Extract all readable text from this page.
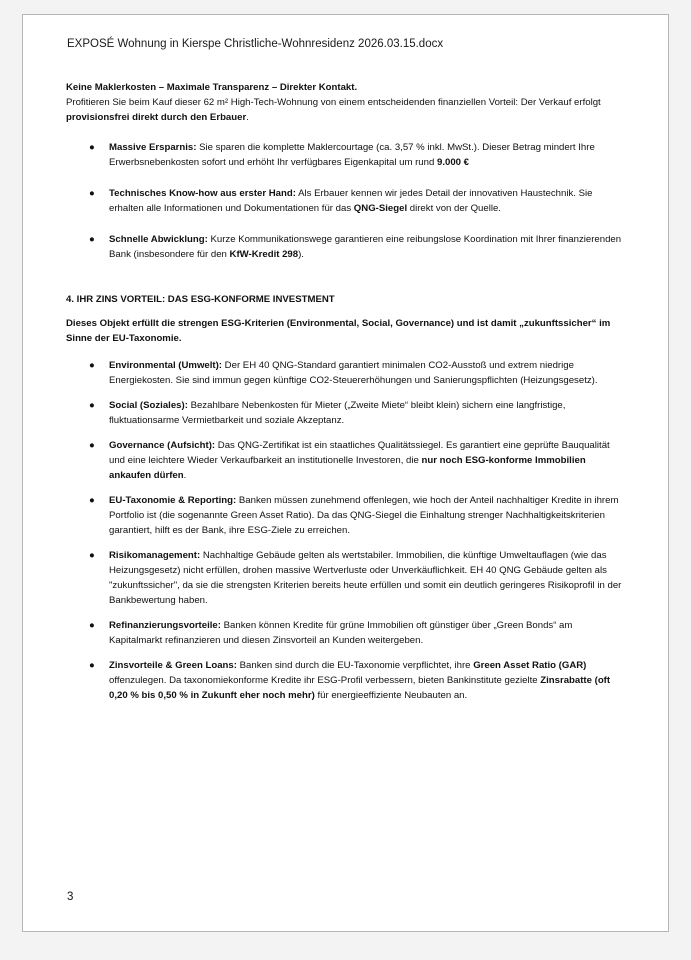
EXPOSÉ Wohnung in Kierspe Christliche-Wohnresidenz 2026.03.15.docx

Keine Maklerkosten – Maximale Transparenz – Direkter Kontakt.

Profitieren Sie beim Kauf dieser 62 m² High-Tech-Wohnung von einem entscheidenden finanziellen Vorteil: Der Verkauf erfolgt provisionsfrei direkt durch den Erbauer.

● Massive Ersparnis: Sie sparen die komplette Maklercourtage (ca. 3,57 % inkl. MwSt.). Dieser Betrag mindert Ihre Erwerbsnebenkosten sofort und erhöht Ihr verfügbares Eigenkapital um rund 9.000 €
● Technisches Know-how aus erster Hand: Als Erbauer kennen wir jedes Detail der innovativen Haustechnik. Sie erhalten alle Informationen und Dokumentationen für das QNG-Siegel direkt von der Quelle.
● Schnelle Abwicklung: Kurze Kommunikationswege garantieren eine reibungslose Koordination mit Ihrer finanzierenden Bank (insbesondere für den KfW-Kredit 298).

4. IHR ZINS VORTEIL: DAS ESG-KONFORME INVESTMENT

Dieses Objekt erfüllt die strengen ESG-Kriterien (Environmental, Social, Governance) und ist damit „zukunftssicher“ im Sinne der EU-Taxonomie.

● Environmental (Umwelt): Der EH 40 QNG-Standard garantiert minimalen CO2-Ausstoß und extrem niedrige Energiekosten. Sie sind immun gegen künftige CO2-Steuererhöhungen und Sanierungspflichten (Heizungsgesetz).
● Social (Soziales): Bezahlbare Nebenkosten für Mieter („Zweite Miete“ bleibt klein) sichern eine langfristige, fluktuationsarme Vermietbarkeit und soziale Akzeptanz.
● Governance (Aufsicht): Das QNG-Zertifikat ist ein staatliches Qualitätssiegel. Es garantiert eine geprüfte Bauqualität und eine leichtere Wieder Verkaufbarkeit an institutionelle Investoren, die nur noch ESG-konforme Immobilien ankaufen dürfen.
● EU-Taxonomie & Reporting: Banken müssen zunehmend offenlegen, wie hoch der Anteil nachhaltiger Kredite in ihrem Portfolio ist (die sogenannte Green Asset Ratio). Da das QNG-Siegel die Einhaltung strenger Nachhaltigkeitskriterien garantiert, hilft es der Bank, ihre ESG-Ziele zu erreichen.
● Risikomanagement: Nachhaltige Gebäude gelten als wertstabiler. Immobilien, die künftige Umweltauflagen (wie das Heizungsgesetz) nicht erfüllen, drohen massive Wertverluste oder Unverkäuflichkeit. EH 40 QNG Gebäude gelten als "zukunftssicher", da sie die strengsten Kriterien bereits heute erfüllen und somit ein deutlich geringeres Risikoprofil in der Bankbewertung haben.
● Refinanzierungsvorteile: Banken können Kredite für grüne Immobilien oft günstiger über „Green Bonds“ am Kapitalmarkt refinanzieren und diesen Zinsvorteil an Kunden weitergeben.
● Zinsvorteile & Green Loans: Banken sind durch die EU-Taxonomie verpflichtet, ihre Green Asset Ratio (GAR) offenzulegen. Da taxonomiekonforme Kredite ihr ESG-Profil verbessern, bieten Bankinstitute gezielte Zinsrabatte (oft 0,20 % bis 0,50 % in Zukunft eher noch mehr) für energieeffiziente Neubauten an.
3
